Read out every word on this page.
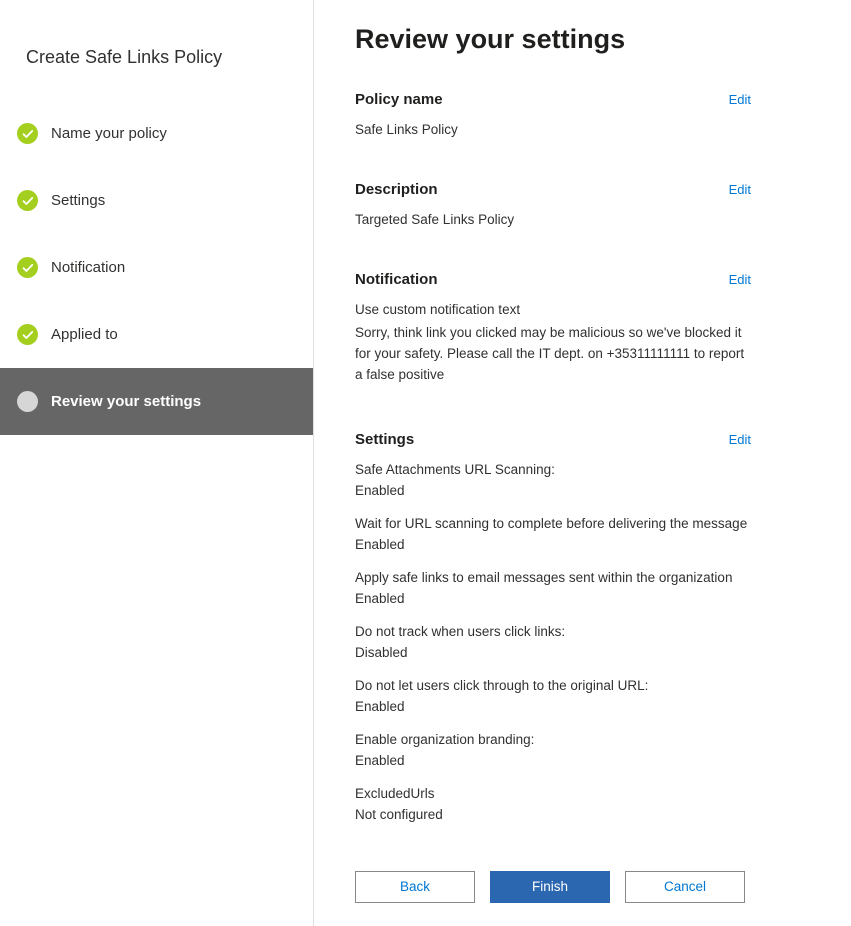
Create Safe Links Policy
Name your policy
Settings
Notification
Applied to
Review your settings
Review your settings
Policy name	Edit
Safe Links Policy
Description	Edit
Targeted Safe Links Policy
Notification	Edit
Use custom notification text
Sorry, think link you clicked may be malicious so we've blocked it for your safety. Please call the IT dept. on +35311111111 to report a false positive
Settings	Edit
Safe Attachments URL Scanning:
Enabled
Wait for URL scanning to complete before delivering the message
Enabled
Apply safe links to email messages sent within the organization
Enabled
Do not track when users click links:
Disabled
Do not let users click through to the original URL:
Enabled
Enable organization branding:
Enabled
ExcludedUrls
Not configured
Back	Finish	Cancel
